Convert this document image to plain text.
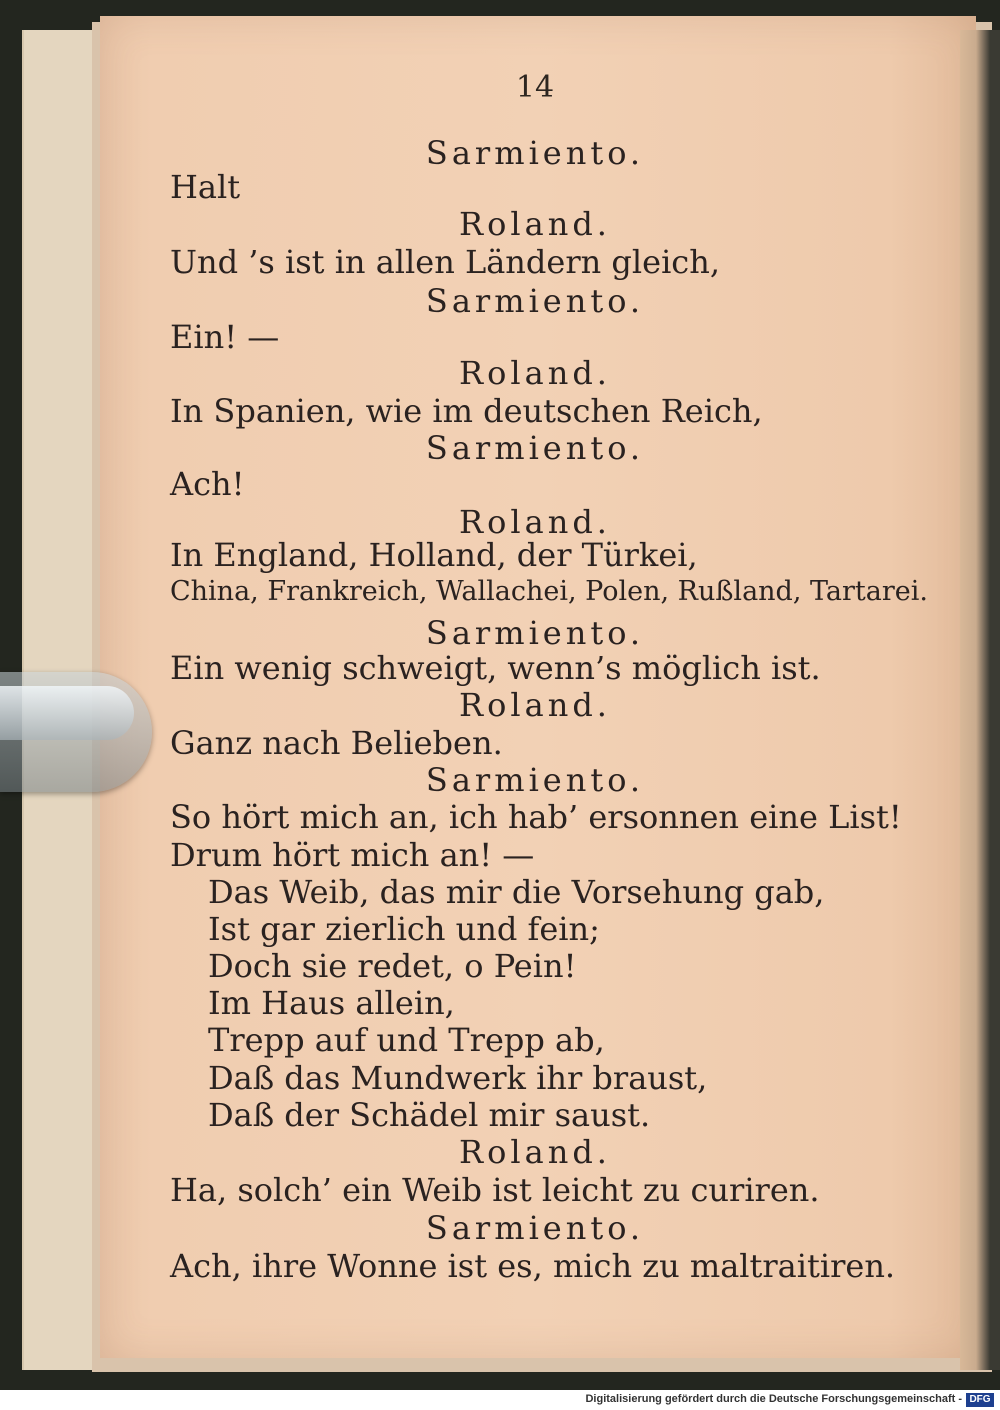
14
Sarmiento.
Halt
Roland.
Und ’s ist in allen Ländern gleich,
Sarmiento.
Ein! —
Roland.
In Spanien, wie im deutschen Reich,
Sarmiento.
Ach!
Roland.
In England, Holland, der Türkei,
China, Frankreich, Wallachei, Polen, Rußland, Tartarei.
Sarmiento.
Ein wenig schweigt, wenn’s möglich ist.
Roland.
Ganz nach Belieben.
Sarmiento.
So hört mich an, ich hab’ ersonnen eine List!
Drum hört mich an! —
Das Weib, das mir die Vorsehung gab,
Ist gar zierlich und fein;
Doch sie redet, o Pein!
Im Haus allein,
Trepp auf und Trepp ab,
Daß das Mundwerk ihr braust,
Daß der Schädel mir saust.
Roland.
Ha, solch’ ein Weib ist leicht zu curiren.
Sarmiento.
Ach, ihre Wonne ist es, mich zu maltraitiren.
Digitalisierung gefördert durch die Deutsche Forschungsgemeinschaft - DFG
